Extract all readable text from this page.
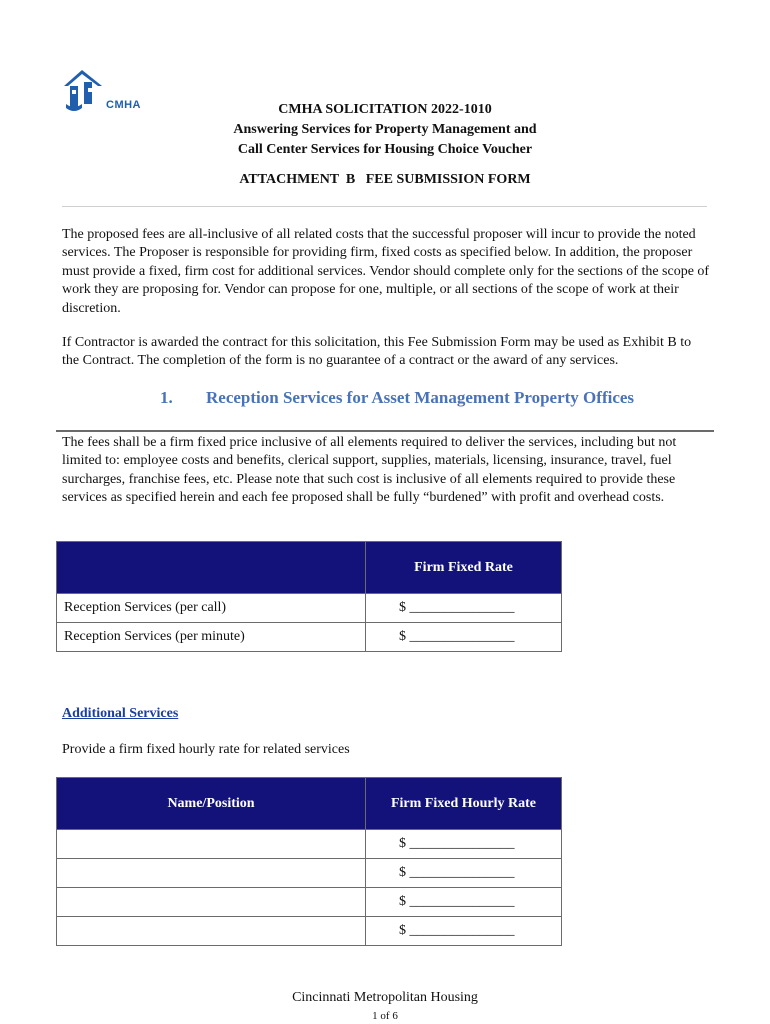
CMHA	CMHA SOLICITATION 2022-1010
Answering Services for Property Management and
Call Center Services for Housing Choice Voucher
ATTACHMENT  B   FEE SUBMISSION FORM
The proposed fees are all-inclusive of all related costs that the successful proposer will incur to provide the noted services. The Proposer is responsible for providing firm, fixed costs as specified below. In addition, the proposer must provide a fixed, firm cost for additional services. Vendor should complete only for the sections of the scope of work they are proposing for. Vendor can propose for one, multiple, or all sections of the scope of work at their discretion.
If Contractor is awarded the contract for this solicitation, this Fee Submission Form may be used as Exhibit B to the Contract. The completion of the form is no guarantee of a contract or the award of any services.
1. Reception Services for Asset Management Property Offices
The fees shall be a firm fixed price inclusive of all elements required to deliver the services, including but not limited to: employee costs and benefits, clerical support, supplies, materials, licensing, insurance, travel, fuel surcharges, franchise fees, etc. Please note that such cost is inclusive of all elements required to provide these services as specified herein and each fee proposed shall be fully “burdened” with profit and overhead costs.
	Firm Fixed Rate
Reception Services (per call)	$ _______________
Reception Services (per minute)	$ _______________
Additional Services
Provide a firm fixed hourly rate for related services
Name/Position	Firm Fixed Hourly Rate
	$ _______________
	$ _______________
	$ _______________
	$ _______________
Cincinnati Metropolitan Housing
1 of 6
